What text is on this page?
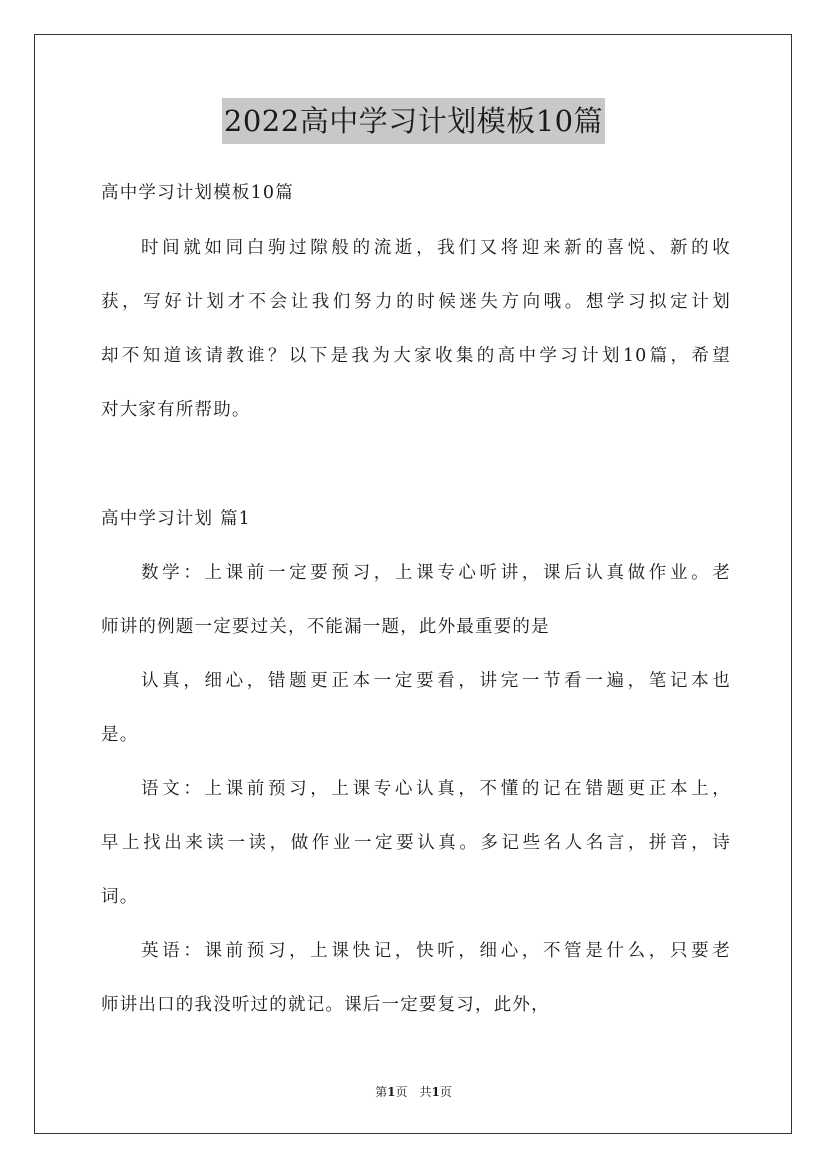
2022高中学习计划模板10篇
高中学习计划模板10篇
时间就如同白驹过隙般的流逝，我们又将迎来新的喜悦、新的收
获，写好计划才不会让我们努力的时候迷失方向哦。想学习拟定计划
却不知道该请教谁？以下是我为大家收集的高中学习计划10篇，希望
对大家有所帮助。
高中学习计划 篇1
数学：上课前一定要预习，上课专心听讲，课后认真做作业。老
师讲的例题一定要过关，不能漏一题，此外最重要的是
认真，细心，错题更正本一定要看，讲完一节看一遍，笔记本也
是。
语文：上课前预习，上课专心认真，不懂的记在错题更正本上，
早上找出来读一读，做作业一定要认真。多记些名人名言，拼音，诗
词。
英语：课前预习，上课快记，快听，细心，不管是什么，只要老
师讲出口的我没听过的就记。课后一定要复习，此外，
第1页　共1页
